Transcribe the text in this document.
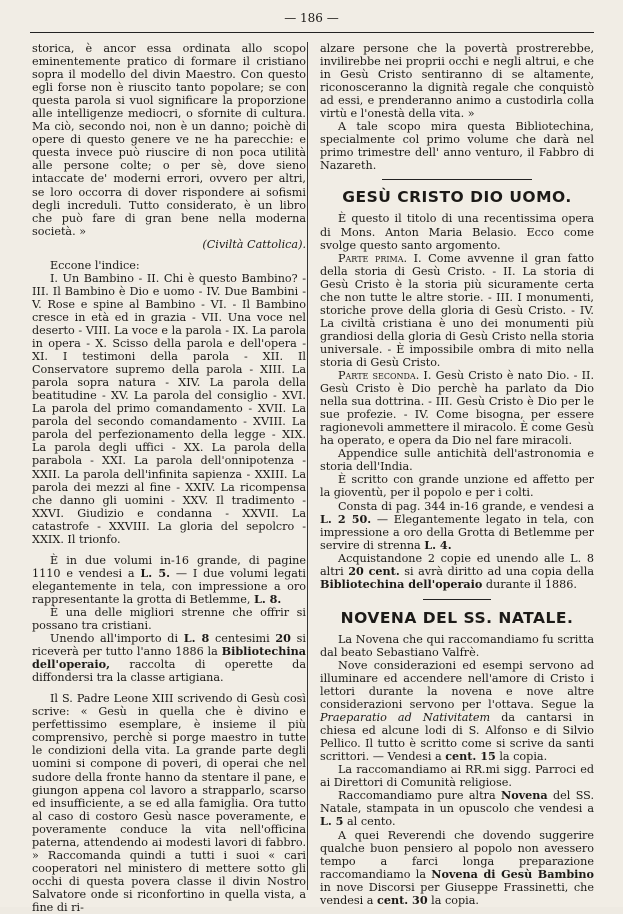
— 186 —

storica, è ancor essa ordinata allo scopo eminentemente pratico di formare il cristiano sopra il modello del divin Maestro. Con questo egli forse non è riuscito tanto popolare; se con questa parola si vuol significare la proporzione alle intelligenze mediocri, o sfornite di cultura. Ma ciò, secondo noi, non è un danno; poichè di opere di questo genere ve ne ha parecchie: e questa invece può riuscire di non poca utilità alle persone colte; o per sè, dove sieno intaccate de' moderni errori, ovvero per altri, se loro occorra di dover rispondere ai sofismi degli increduli. Tutto considerato, è un libro che può fare di gran bene nella moderna società. »

(Civiltà Cattolica).

Eccone l'indice:

I. Un Bambino - II. Chi è questo Bambino? - III. Il Bambino è Dio e uomo - IV. Due Bambini - V. Rose e spine al Bambino - VI. - Il Bambino cresce in età ed in grazia - VII. Una voce nel deserto - VIII. La voce e la parola - IX. La parola in opera - X. Scisso della parola e dell'opera - XI. I testimoni della parola - XII. Il Conservatore supremo della parola - XIII. La parola sopra natura - XIV. La parola della beatitudine - XV. La parola del consiglio - XVI. La parola del primo comandamento - XVII. La parola del secondo comandamento - XVIII. La parola del perfezionamento della legge - XIX. La parola degli uffici - XX. La parola della parabola - XXI. La parola dell'onnipotenza - XXII. La parola dell'infinita sapienza - XXIII. La parola dei mezzi al fine - XXIV. La ricompensa che danno gli uomini - XXV. Il tradimento - XXVI. Giudizio e condanna - XXVII. La catastrofe - XXVIII. La gloria del sepolcro - XXIX. Il trionfo.

È in due volumi in-16 grande, di pagine 1110 e vendesi a L. 5. — I due volumi legati elegantemente in tela, con impressione a oro rappresentante la grotta di Betlemme, L. 8.

È una delle migliori strenne che offrir si possano tra cristiani.

Unendo all'importo di L. 8 centesimi 20 si riceverà per tutto l'anno 1886 la Bibliotechina dell'operaio, raccolta di operette da diffondersi tra la classe artigiana.

Il S. Padre Leone XIII scrivendo di Gesù così scrive: « Gesù in quella che è divino e perfettissimo esemplare, è insieme il più comprensivo, perchè si porge maestro in tutte le condizioni della vita. La grande parte degli uomini si compone di poveri, di operai che nel sudore della fronte hanno da stentare il pane, e giungon appena col lavoro a strapparlo, scarso ed insufficiente, a se ed alla famiglia. Ora tutto al caso di costoro Gesù nasce poveramente, e poveramente conduce la vita nell'officina paterna, attendendo ai modesti lavori di fabbro. » Raccomanda quindi a tutti i suoi « cari cooperatori nel ministero di mettere sotto gli occhi di questa povera classe il divin Nostro Salvatore onde si riconfortino in quella vista, a fine di ri-

alzare persone che la povertà prostrerebbe, invilirebbe nei proprii occhi e negli altrui, e che in Gesù Cristo sentiranno di se altamente, riconosceranno la dignità regale che conquistò ad essi, e prenderanno animo a custodirla colla virtù e l'onestà della vita. »

A tale scopo mira questa Bibliotechina, specialmente col primo volume che darà nel primo trimestre dell' anno venturo, il Fabbro di Nazareth.

GESÙ CRISTO DIO UOMO.

È questo il titolo di una recentissima opera di Mons. Anton Maria Belasio. Ecco come svolge questo santo argomento.

Parte prima. I. Come avvenne il gran fatto della storia di Gesù Cristo. - II. La storia di Gesù Cristo è la storia più sicuramente certa che non tutte le altre storie. - III. I monumenti, storiche prove della gloria di Gesù Cristo. - IV. La civiltà cristiana è uno dei monumenti più grandiosi della gloria di Gesù Cristo nella storia universale. - È impossibile ombra di mito nella storia di Gesù Cristo.

Parte seconda. I. Gesù Cristo è nato Dio. - II. Gesù Cristo è Dio perchè ha parlato da Dio nella sua dottrina. - III. Gesù Cristo è Dio per le sue profezie. - IV. Come bisogna, per essere ragionevoli ammettere il miracolo. È come Gesù ha operato, e opera da Dio nel fare miracoli.

Appendice sulle antichità dell'astronomia e storia dell'India.

È scritto con grande unzione ed affetto per la gioventù, per il popolo e per i colti.

Consta di pag. 344 in-16 grande, e vendesi a L. 2 50. — Elegantemente legato in tela, con impressione a oro della Grotta di Betlemme per servire di strenna L. 4.

Acquistandone 2 copie ed unendo alle L. 8 altri 20 cent. si avrà diritto ad una copia della Bibliotechina dell'operaio durante il 1886.

NOVENA DEL SS. NATALE.

La Novena che qui raccomandiamo fu scritta dal beato Sebastiano Valfrè.

Nove considerazioni ed esempi servono ad illuminare ed accendere nell'amore di Cristo i lettori durante la novena e nove altre considerazioni servono per l'ottava. Segue la Praeparatio ad Nativitatem da cantarsi in chiesa ed alcune lodi di S. Alfonso e di Silvio Pellico. Il tutto è scritto come si scrive da santi scrittori. — Vendesi a cent. 15 la copia.

La raccomandiamo ai RR.mi sigg. Parroci ed ai Direttori di Comunità religiose.

Raccomandiamo pure altra Novena del SS. Natale, stampata in un opuscolo che vendesi a L. 5 al cento.

A quei Reverendi che dovendo suggerire qualche buon pensiero al popolo non avessero tempo a farci longa preparazione raccomandiamo la Novena di Gesù Bambino in nove Discorsi per Giuseppe Frassinetti, che vendesi a cent. 30 la copia.
